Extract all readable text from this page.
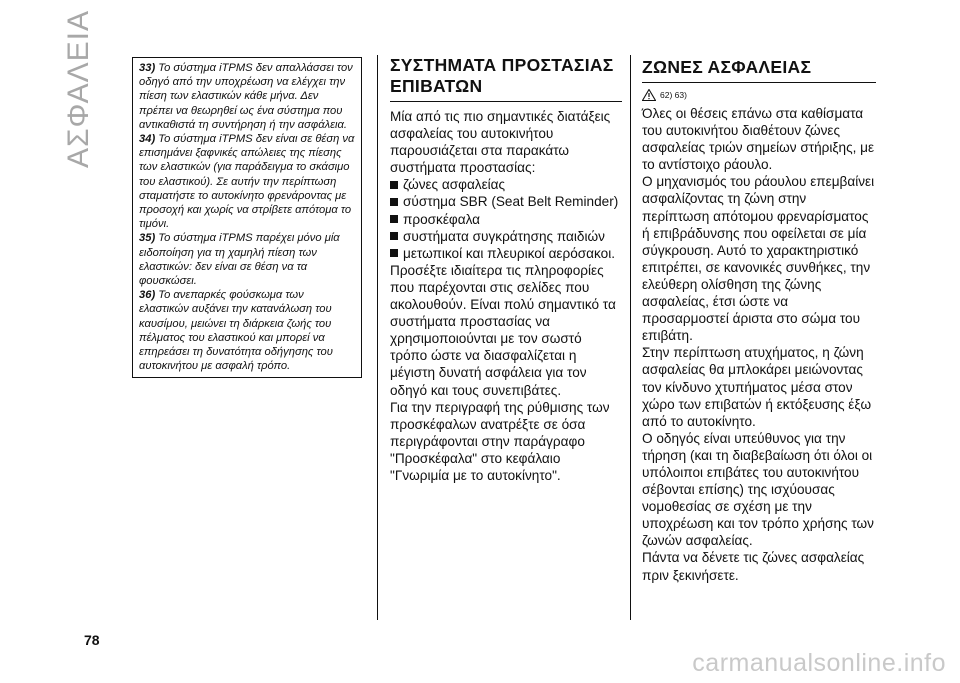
ΑΣΦΑΛΕΙΑ	33) Το σύστημα iTPMS δεν απαλλάσσει τον οδηγό από την υποχρέωση να ελέγχει την πίεση των ελαστικών κάθε μήνα. Δεν πρέπει να θεωρηθεί ως ένα σύστημα που αντικαθιστά τη συντήρηση ή την ασφάλεια.

34) Το σύστημα iTPMS δεν είναι σε θέση να επισημάνει ξαφνικές απώλειες της πίεσης των ελαστικών (για παράδειγμα το σκάσιμο του ελαστικού). Σε αυτήν την περίπτωση σταματήστε το αυτοκίνητο φρενάροντας με προσοχή και χωρίς να στρίβετε απότομα το τιμόνι.

35) Το σύστημα iTPMS παρέχει μόνο μία ειδοποίηση για τη χαμηλή πίεση των ελαστικών: δεν είναι σε θέση να τα φουσκώσει.

36) Το ανεπαρκές φούσκωμα των ελαστικών αυξάνει την κατανάλωση του καυσίμου, μειώνει τη διάρκεια ζωής του πέλματος του ελαστικού και μπορεί να επηρεάσει τη δυνατότητα οδήγησης του αυτοκινήτου με ασφαλή τρόπο.

ΣΥΣΤΗΜΑΤΑ ΠΡΟΣΤΑΣΙΑΣ
ΕΠΙΒΑΤΩΝ

Μία από τις πιο σημαντικές διατάξεις ασφαλείας του αυτοκινήτου παρουσιάζεται στα παρακάτω συστήματα προστασίας:

ζώνες ασφαλείας
σύστημα SBR (Seat Belt Reminder)
προσκέφαλα
συστήματα συγκράτησης παιδιών
μετωπικοί και πλευρικοί αερόσακοι.

Προσέξτε ιδιαίτερα τις πληροφορίες που παρέχονται στις σελίδες που ακολουθούν. Είναι πολύ σημαντικό τα συστήματα προστασίας να χρησιμοποιούνται με τον σωστό τρόπο ώστε να διασφαλίζεται η μέγιστη δυνατή ασφάλεια για τον οδηγό και τους συνεπιβάτες.

Για την περιγραφή της ρύθμισης των προσκέφαλων ανατρέξτε σε όσα περιγράφονται στην παράγραφο "Προσκέφαλα" στο κεφάλαιο "Γνωριμία με το αυτοκίνητο".

ΖΩΝΕΣ ΑΣΦΑΛΕΙΑΣ
62) 63)

Όλες οι θέσεις επάνω στα καθίσματα του αυτοκινήτου διαθέτουν ζώνες ασφαλείας τριών σημείων στήριξης, με το αντίστοιχο ράουλο.

Ο μηχανισμός του ράουλου επεμβαίνει ασφαλίζοντας τη ζώνη στην περίπτωση απότομου φρεναρίσματος ή επιβράδυνσης που οφείλεται σε μία σύγκρουση. Αυτό το χαρακτηριστικό επιτρέπει, σε κανονικές συνθήκες, την ελεύθερη ολίσθηση της ζώνης ασφαλείας, έτσι ώστε να προσαρμοστεί άριστα στο σώμα του επιβάτη.

Στην περίπτωση ατυχήματος, η ζώνη ασφαλείας θα μπλοκάρει μειώνοντας τον κίνδυνο χτυπήματος μέσα στον χώρο των επιβατών ή εκτόξευσης έξω από το αυτοκίνητο.

Ο οδηγός είναι υπεύθυνος για την τήρηση (και τη διαβεβαίωση ότι όλοι οι υπόλοιποι επιβάτες του αυτοκινήτου σέβονται επίσης) της ισχύουσας νομοθεσίας σε σχέση με την υποχρέωση και τον τρόπο χρήσης των ζωνών ασφαλείας.

Πάντα να δένετε τις ζώνες ασφαλείας πριν ξεκινήσετε.

78
carmanualsonline.info
